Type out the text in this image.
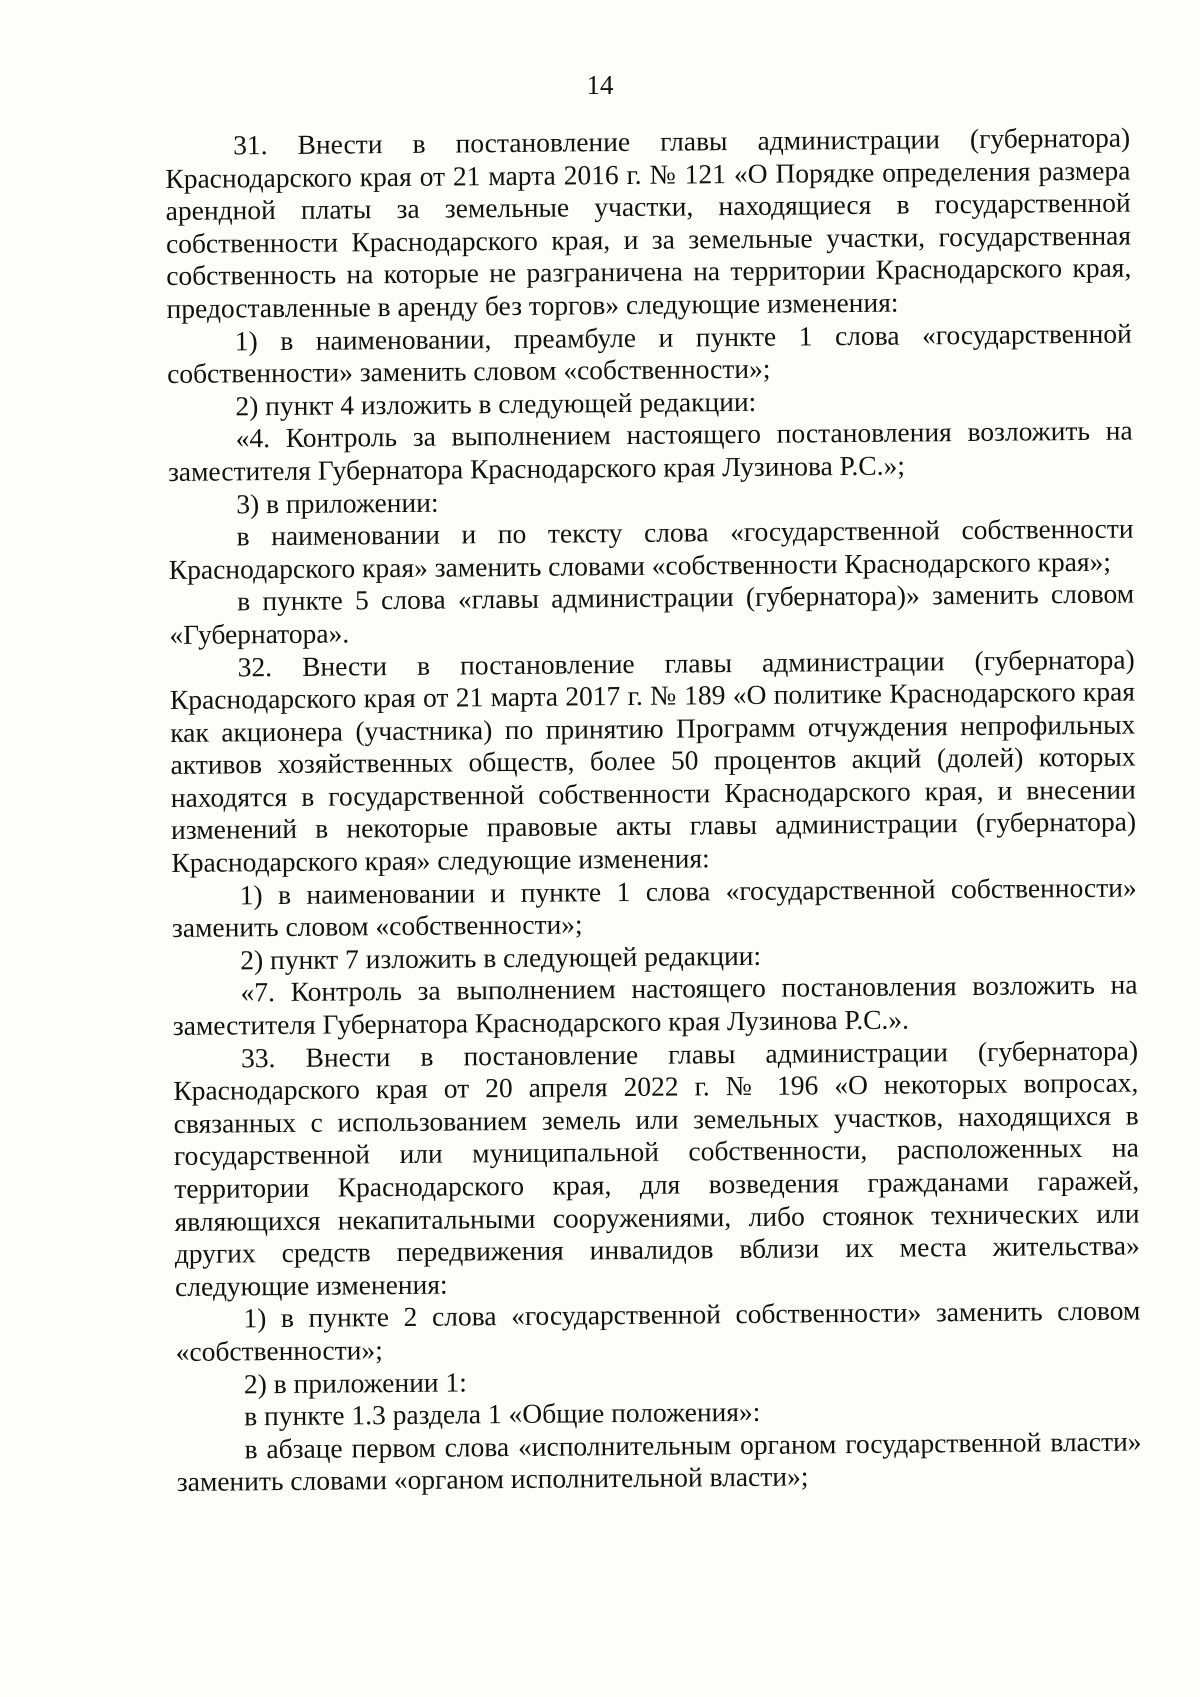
14

31. Внести в постановление главы администрации (губернатора) Краснодарского края от 21 марта 2016 г. № 121 «О Порядке определения размера арендной платы за земельные участки, находящиеся в государственной собственности Краснодарского края, и за земельные участки, государственная собственность на которые не разграничена на территории Краснодарского края, предоставленные в аренду без торгов» следующие изменения:

1) в наименовании, преамбуле и пункте 1 слова «государственной собственности» заменить словом «собственности»;

2) пункт 4 изложить в следующей редакции:

«4. Контроль за выполнением настоящего постановления возложить на заместителя Губернатора Краснодарского края Лузинова Р.С.»;

3) в приложении:

в наименовании и по тексту слова «государственной собственности Краснодарского края» заменить словами «собственности Краснодарского края»;

в пункте 5 слова «главы администрации (губернатора)» заменить словом «Губернатора».

32. Внести в постановление главы администрации (губернатора) Краснодарского края от 21 марта 2017 г. № 189 «О политике Краснодарского края как акционера (участника) по принятию Программ отчуждения непрофильных активов хозяйственных обществ, более 50 процентов акций (долей) которых находятся в государственной собственности Краснодарского края, и внесении изменений в некоторые правовые акты главы администрации (губернатора) Краснодарского края» следующие изменения:

1) в наименовании и пункте 1 слова «государственной собственности» заменить словом «собственности»;

2) пункт 7 изложить в следующей редакции:

«7. Контроль за выполнением настоящего постановления возложить на заместителя Губернатора Краснодарского края Лузинова Р.С.».

33. Внести в постановление главы администрации (губернатора) Краснодарского края от 20 апреля 2022 г. № 196 «О некоторых вопросах, связанных с использованием земель или земельных участков, находящихся в государственной или муниципальной собственности, расположенных на территории Краснодарского края, для возведения гражданами гаражей, являющихся некапитальными сооружениями, либо стоянок технических или других средств передвижения инвалидов вблизи их места жительства» следующие изменения:

1) в пункте 2 слова «государственной собственности» заменить словом «собственности»;

2) в приложении 1:

в пункте 1.3 раздела 1 «Общие положения»:

в абзаце первом слова «исполнительным органом государственной власти» заменить словами «органом исполнительной власти»;
